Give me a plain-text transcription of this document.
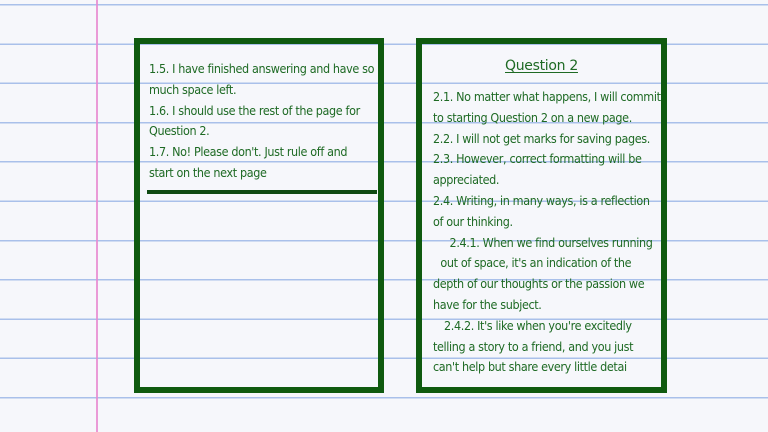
1.5. I have finished answering and have so
much space left.
1.6. I should use the rest of the page for
Question 2.
1.7. No! Please don't. Just rule off and
start on the next page
Question 2
2.1. No matter what happens, I will commit
to starting Question 2 on a new page.
2.2. I will not get marks for saving pages.
2.3. However, correct formatting will be
appreciated.
2.4. Writing, in many ways, is a reflection
of our thinking.
2.4.1. When we find ourselves running
out of space, it's an indication of the
depth of our thoughts or the passion we
have for the subject.
2.4.2. It's like when you're excitedly
telling a story to a friend, and you just
can't help but share every little detai
